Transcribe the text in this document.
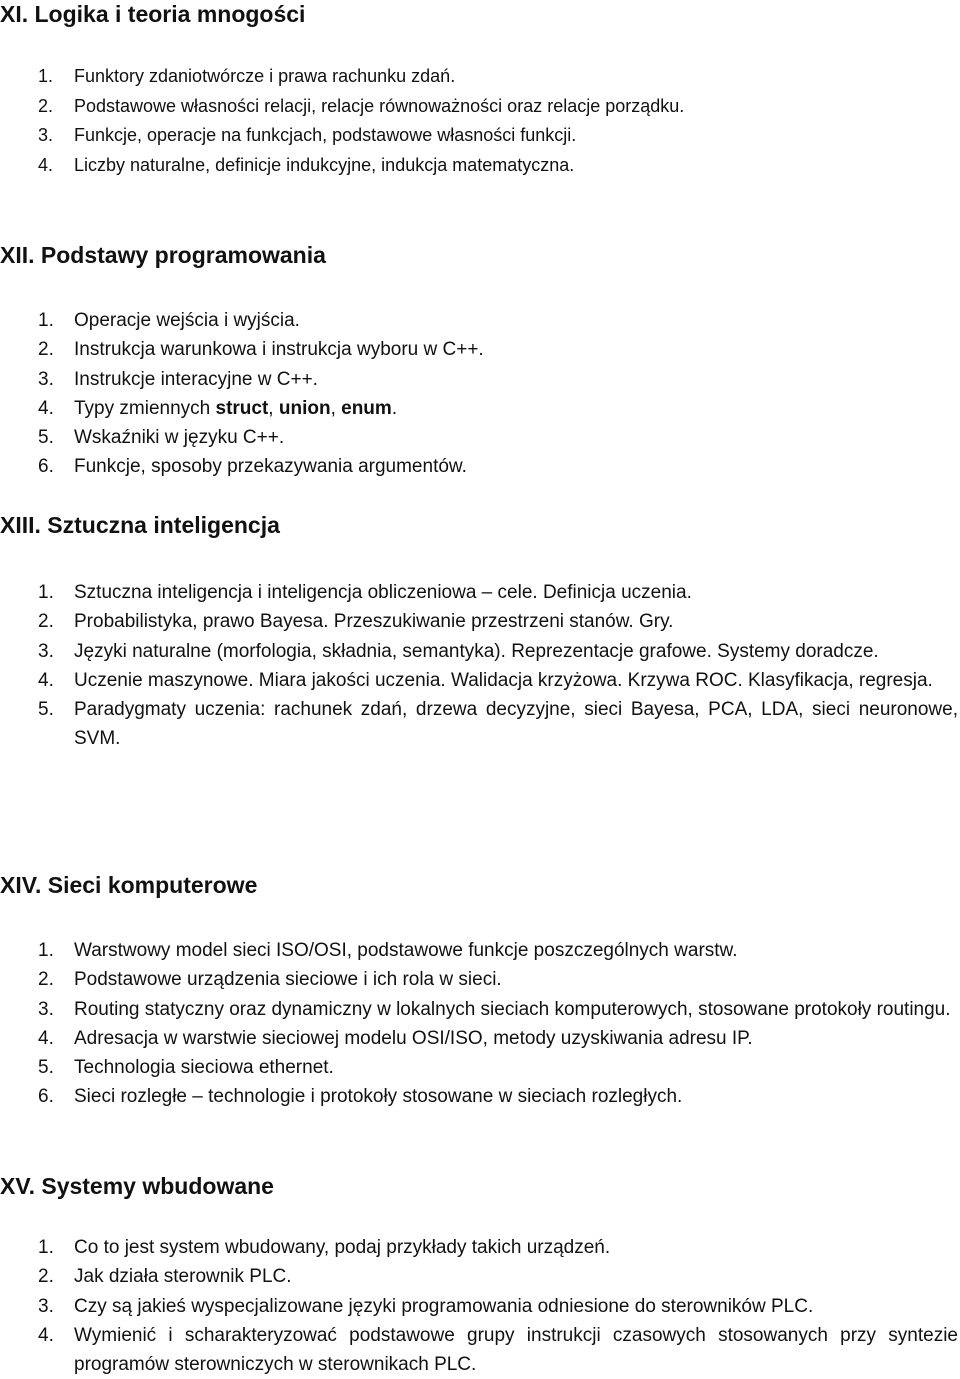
XI. Logika i teoria mnogości
1. Funktory zdaniotwórcze i prawa rachunku zdań.
2. Podstawowe własności relacji, relacje równoważności oraz relacje porządku.
3. Funkcje, operacje na funkcjach, podstawowe własności funkcji.
4. Liczby naturalne, definicje indukcyjne, indukcja matematyczna.
XII. Podstawy programowania
1. Operacje wejścia i wyjścia.
2. Instrukcja warunkowa i instrukcja wyboru w C++.
3. Instrukcje interacyjne w C++.
4. Typy zmiennych struct, union, enum.
5. Wskaźniki w języku C++.
6. Funkcje, sposoby przekazywania argumentów.
XIII. Sztuczna inteligencja
1. Sztuczna inteligencja i inteligencja obliczeniowa – cele. Definicja uczenia.
2. Probabilistyka, prawo Bayesa. Przeszukiwanie przestrzeni stanów. Gry.
3. Języki naturalne (morfologia, składnia, semantyka). Reprezentacje grafowe. Systemy doradcze.
4. Uczenie maszynowe. Miara jakości uczenia. Walidacja krzyżowa. Krzywa ROC. Klasyfikacja, regresja.
5. Paradygmaty uczenia: rachunek zdań, drzewa decyzyjne, sieci Bayesa, PCA, LDA, sieci neuronowe, SVM.
XIV. Sieci komputerowe
1. Warstwowy model sieci ISO/OSI, podstawowe funkcje poszczególnych warstw.
2. Podstawowe urządzenia sieciowe i ich rola w sieci.
3. Routing statyczny oraz dynamiczny w lokalnych sieciach komputerowych, stosowane protokoły routingu.
4. Adresacja w warstwie sieciowej modelu OSI/ISO, metody uzyskiwania adresu IP.
5. Technologia sieciowa ethernet.
6. Sieci rozległe – technologie i protokoły stosowane w sieciach rozległych.
XV. Systemy wbudowane
1. Co to jest system wbudowany, podaj przykłady takich urządzeń.
2. Jak działa sterownik PLC.
3. Czy są jakieś wyspecjalizowane języki programowania odniesione do sterowników PLC.
4. Wymienić i scharakteryzować podstawowe grupy instrukcji czasowych stosowanych przy syntezie programów sterowniczych w sterownikach PLC.
